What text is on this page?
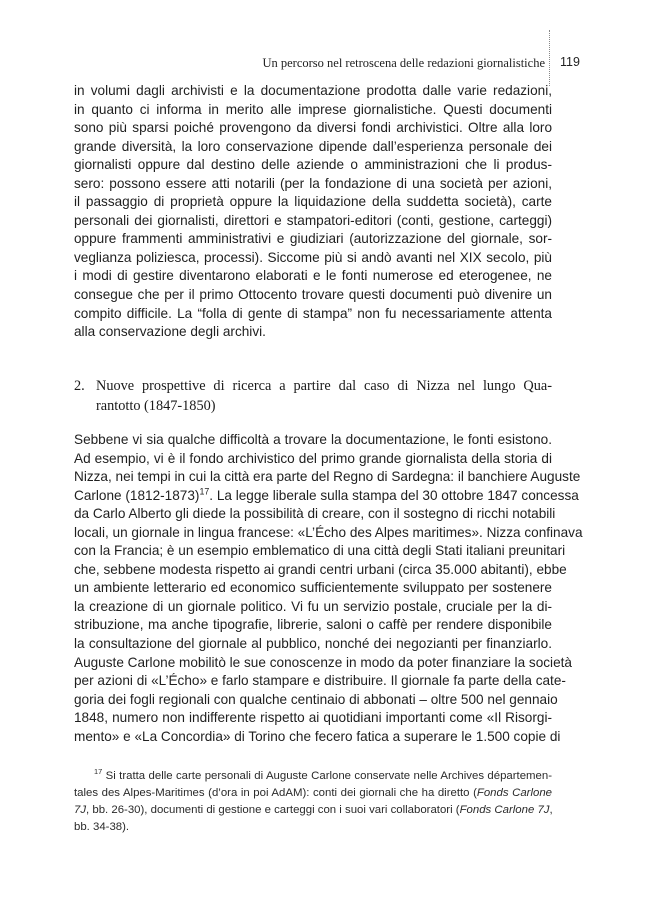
Un percorso nel retroscena delle redazioni giornalistiche 119
in volumi dagli archivisti e la documentazione prodotta dalle varie redazioni,
in quanto ci informa in merito alle imprese giornalistiche. Questi documenti
sono più sparsi poiché provengono da diversi fondi archivistici. Oltre alla loro
grande diversità, la loro conservazione dipende dall’esperienza personale dei
giornalisti oppure dal destino delle aziende o amministrazioni che li produs-
sero: possono essere atti notarili (per la fondazione di una società per azioni,
il passaggio di proprietà oppure la liquidazione della suddetta società), carte
personali dei giornalisti, direttori e stampatori-editori (conti, gestione, carteggi)
oppure frammenti amministrativi e giudiziari (autorizzazione del giornale, sor-
veglianza poliziesca, processi). Siccome più si andò avanti nel XIX secolo, più
i modi di gestire diventarono elaborati e le fonti numerose ed eterogenee, ne
consegue che per il primo Ottocento trovare questi documenti può divenire un
compito difficile. La “folla di gente di stampa” non fu necessariamente attenta
alla conservazione degli archivi.
2. Nuove prospettive di ricerca a partire dal caso di Nizza nel lungo Qua-
rantotto (1847-1850)
Sebbene vi sia qualche difficoltà a trovare la documentazione, le fonti esistono.
Ad esempio, vi è il fondo archivistico del primo grande giornalista della storia di
Nizza, nei tempi in cui la città era parte del Regno di Sardegna: il banchiere Auguste
Carlone (1812-1873)$^{17}$. La legge liberale sulla stampa del 30 ottobre 1847 concessa
da Carlo Alberto gli diede la possibilità di creare, con il sostegno di ricchi notabili
locali, un giornale in lingua francese: «L’Écho des Alpes maritimes». Nizza confinava
con la Francia; è un esempio emblematico di una città degli Stati italiani preunitari
che, sebbene modesta rispetto ai grandi centri urbani (circa 35.000 abitanti), ebbe
un ambiente letterario ed economico sufficientemente sviluppato per sostenere
la creazione di un giornale politico. Vi fu un servizio postale, cruciale per la di-
stribuzione, ma anche tipografie, librerie, saloni o caffè per rendere disponibile
la consultazione del giornale al pubblico, nonché dei negozianti per finanziarlo.
Auguste Carlone mobilitò le sue conoscenze in modo da poter finanziare la società
per azioni di «L’Écho» e farlo stampare e distribuire. Il giornale fa parte della cate-
goria dei fogli regionali con qualche centinaio di abbonati – oltre 500 nel gennaio
1848, numero non indifferente rispetto ai quotidiani importanti come «Il Risorgi-
mento» e «La Concordia» di Torino che fecero fatica a superare le 1.500 copie di
$^{17}$ Si tratta delle carte personali di Auguste Carlone conservate nelle Archives départemen-
tales des Alpes-Maritimes (d’ora in poi AdAM): conti dei giornali che ha diretto (Fonds Carlone
7J, bb. 26-30), documenti di gestione e carteggi con i suoi vari collaboratori (Fonds Carlone 7J,
bb. 34-38).
